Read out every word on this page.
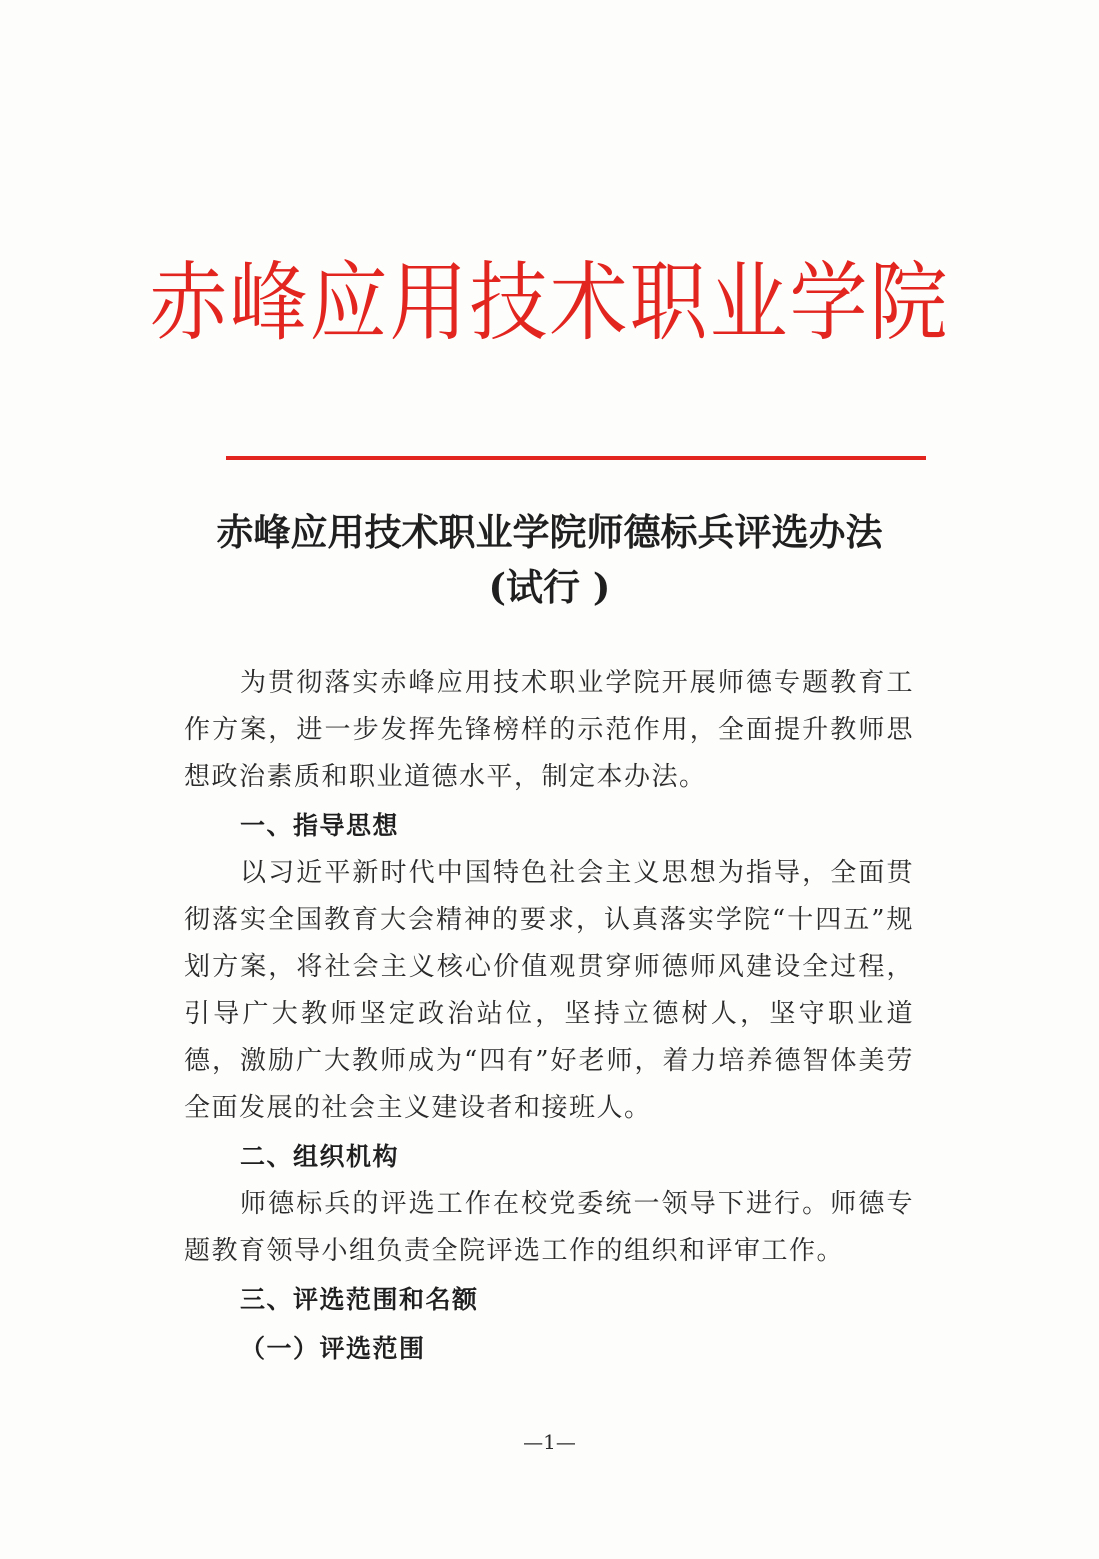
赤峰应用技术职业学院
赤峰应用技术职业学院师德标兵评选办法
(试行 )

为贯彻落实赤峰应用技术职业学院开展师德专题教育工作方案，进一步发挥先锋榜样的示范作用，全面提升教师思想政治素质和职业道德水平，制定本办法。

一、指导思想

以习近平新时代中国特色社会主义思想为指导，全面贯彻落实全国教育大会精神的要求，认真落实学院“十四五”规划方案，将社会主义核心价值观贯穿师德师风建设全过程，引导广大教师坚定政治站位，坚持立德树人，坚守职业道德，激励广大教师成为“四有”好老师，着力培养德智体美劳全面发展的社会主义建设者和接班人。

二、组织机构

师德标兵的评选工作在校党委统一领导下进行。师德专题教育领导小组负责全院评选工作的组织和评审工作。

三、评选范围和名额

（一）评选范围

—1—
